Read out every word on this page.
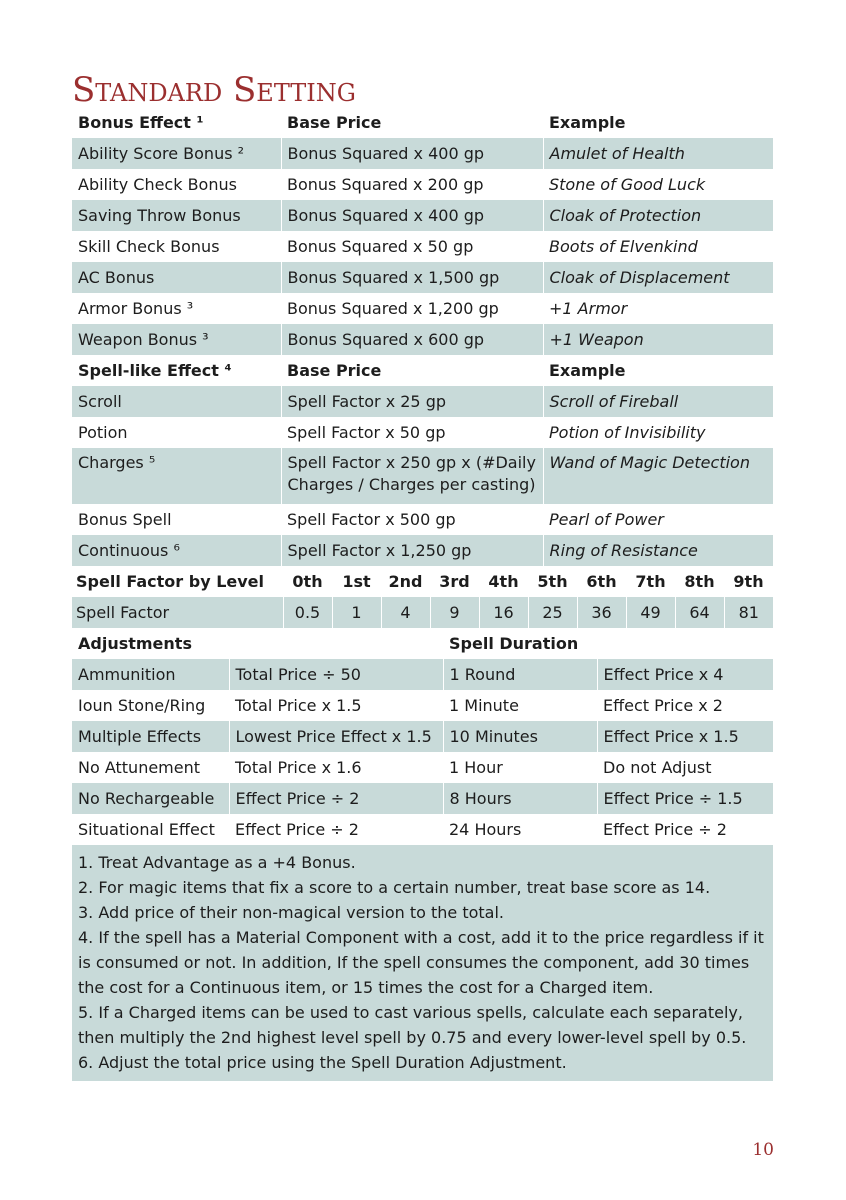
Standard Setting
Bonus Effect ¹	Base Price	Example
Ability Score Bonus ²	Bonus Squared x 400 gp	Amulet of Health
Ability Check Bonus	Bonus Squared x 200 gp	Stone of Good Luck
Saving Throw Bonus	Bonus Squared x 400 gp	Cloak of Protection
Skill Check Bonus	Bonus Squared x 50 gp	Boots of Elvenkind
AC Bonus	Bonus Squared x 1,500 gp	Cloak of Displacement
Armor Bonus ³	Bonus Squared x 1,200 gp	+1 Armor
Weapon Bonus ³	Bonus Squared x 600 gp	+1 Weapon
Spell-like Effect ⁴	Base Price	Example
Scroll	Spell Factor x 25 gp	Scroll of Fireball
Potion	Spell Factor x 50 gp	Potion of Invisibility
Charges ⁵	Spell Factor x 250 gp x (#Daily Charges / Charges per casting)	Wand of Magic Detection
Bonus Spell	Spell Factor x 500 gp	Pearl of Power
Continuous ⁶	Spell Factor x 1,250 gp	Ring of Resistance
Spell Factor by Level	0th	1st	2nd	3rd	4th	5th	6th	7th	8th	9th
Spell Factor	0.5	1	4	9	16	25	36	49	64	81
Adjustments		Spell Duration	
Ammunition	Total Price ÷ 50	1 Round	Effect Price x 4
Ioun Stone/Ring	Total Price x 1.5	1 Minute	Effect Price x 2
Multiple Effects	Lowest Price Effect x 1.5	10 Minutes	Effect Price x 1.5
No Attunement	Total Price x 1.6	1 Hour	Do not Adjust
No Rechargeable	Effect Price ÷ 2	8 Hours	Effect Price ÷ 1.5
Situational Effect	Effect Price ÷ 2	24 Hours	Effect Price ÷ 2

1. Treat Advantage as a +4 Bonus.

2. For magic items that fix a score to a certain number, treat base score as 14.

3. Add price of their non-magical version to the total.

4. If the spell has a Material Component with a cost, add it to the price regardless if it is consumed or not. In addition, If the spell consumes the component, add 30 times the cost for a Continuous item, or 15 times the cost for a Charged item.

5. If a Charged items can be used to cast various spells, calculate each separately, then multiply the 2nd highest level spell by 0.75 and every lower-level spell by 0.5.

6. Adjust the total price using the Spell Duration Adjustment.

10
